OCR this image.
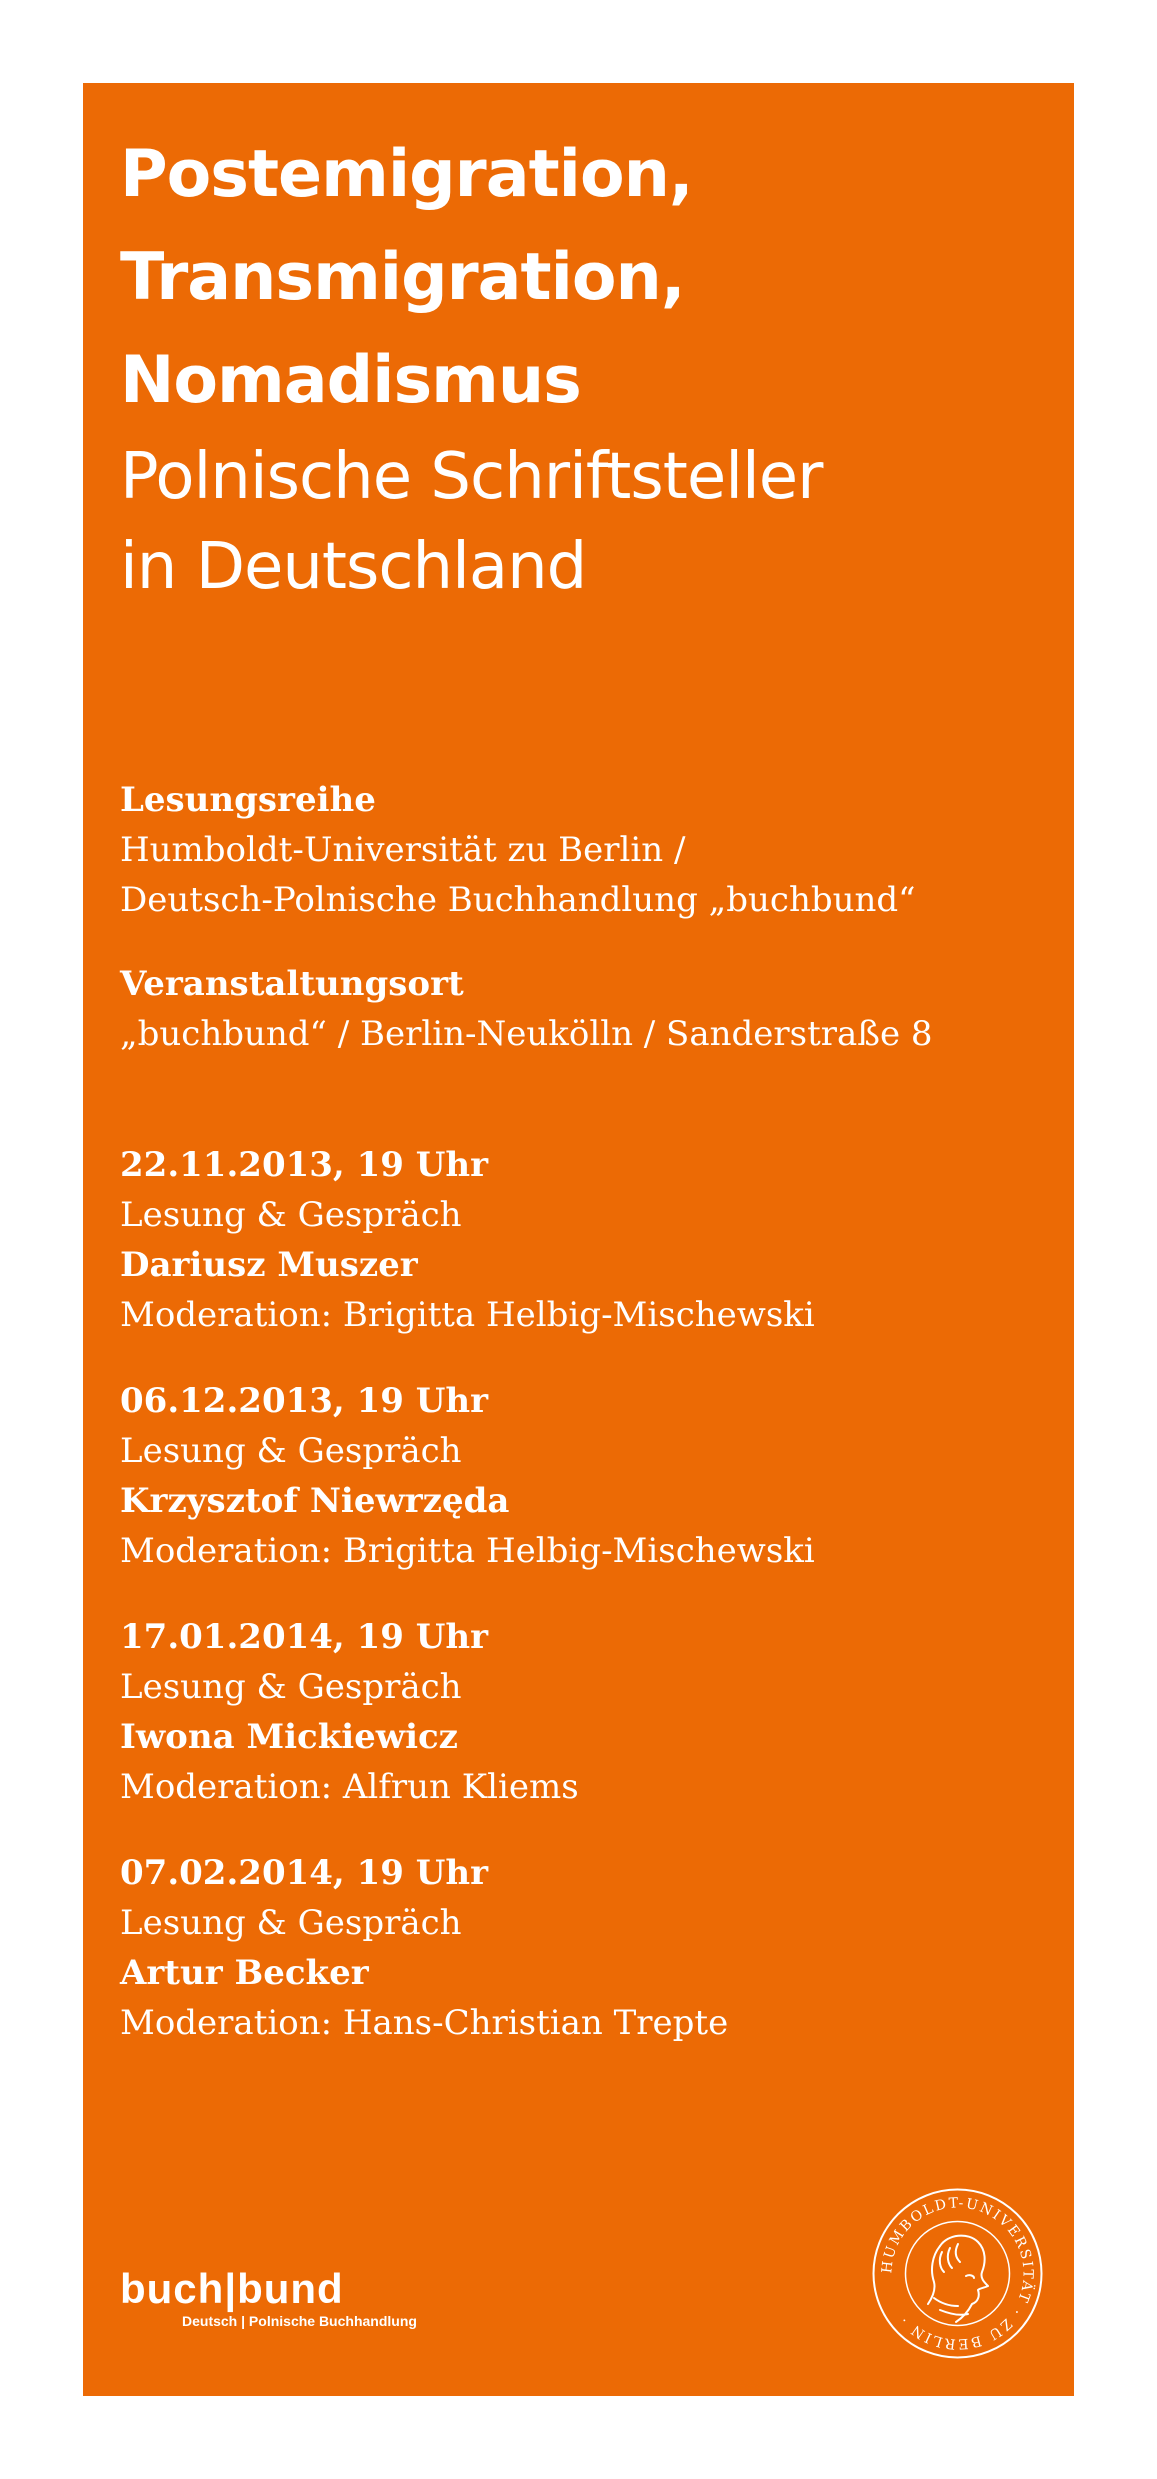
Postemigration,
Transmigration,
Nomadismus
Polnische Schriftsteller
in Deutschland
Lesungsreihe
Humboldt-Universität zu Berlin /
Deutsch-Polnische Buchhandlung „buchbund“
Veranstaltungsort
„buchbund“ / Berlin-Neukölln / Sanderstraße 8
22.11.2013, 19 Uhr
Lesung & Gespräch
Dariusz Muszer
Moderation: Brigitta Helbig-Mischewski
06.12.2013, 19 Uhr
Lesung & Gespräch
Krzysztof Niewrzęda
Moderation: Brigitta Helbig-Mischewski
17.01.2014, 19 Uhr
Lesung & Gespräch
Iwona Mickiewicz
Moderation: Alfrun Kliems
07.02.2014, 19 Uhr
Lesung & Gespräch
Artur Becker
Moderation: Hans-Christian Trepte
buch|bund
Deutsch | Polnische Buchhandlung
HUMBOLDT-UNIVERSITÄT · ZU BERLIN ·
